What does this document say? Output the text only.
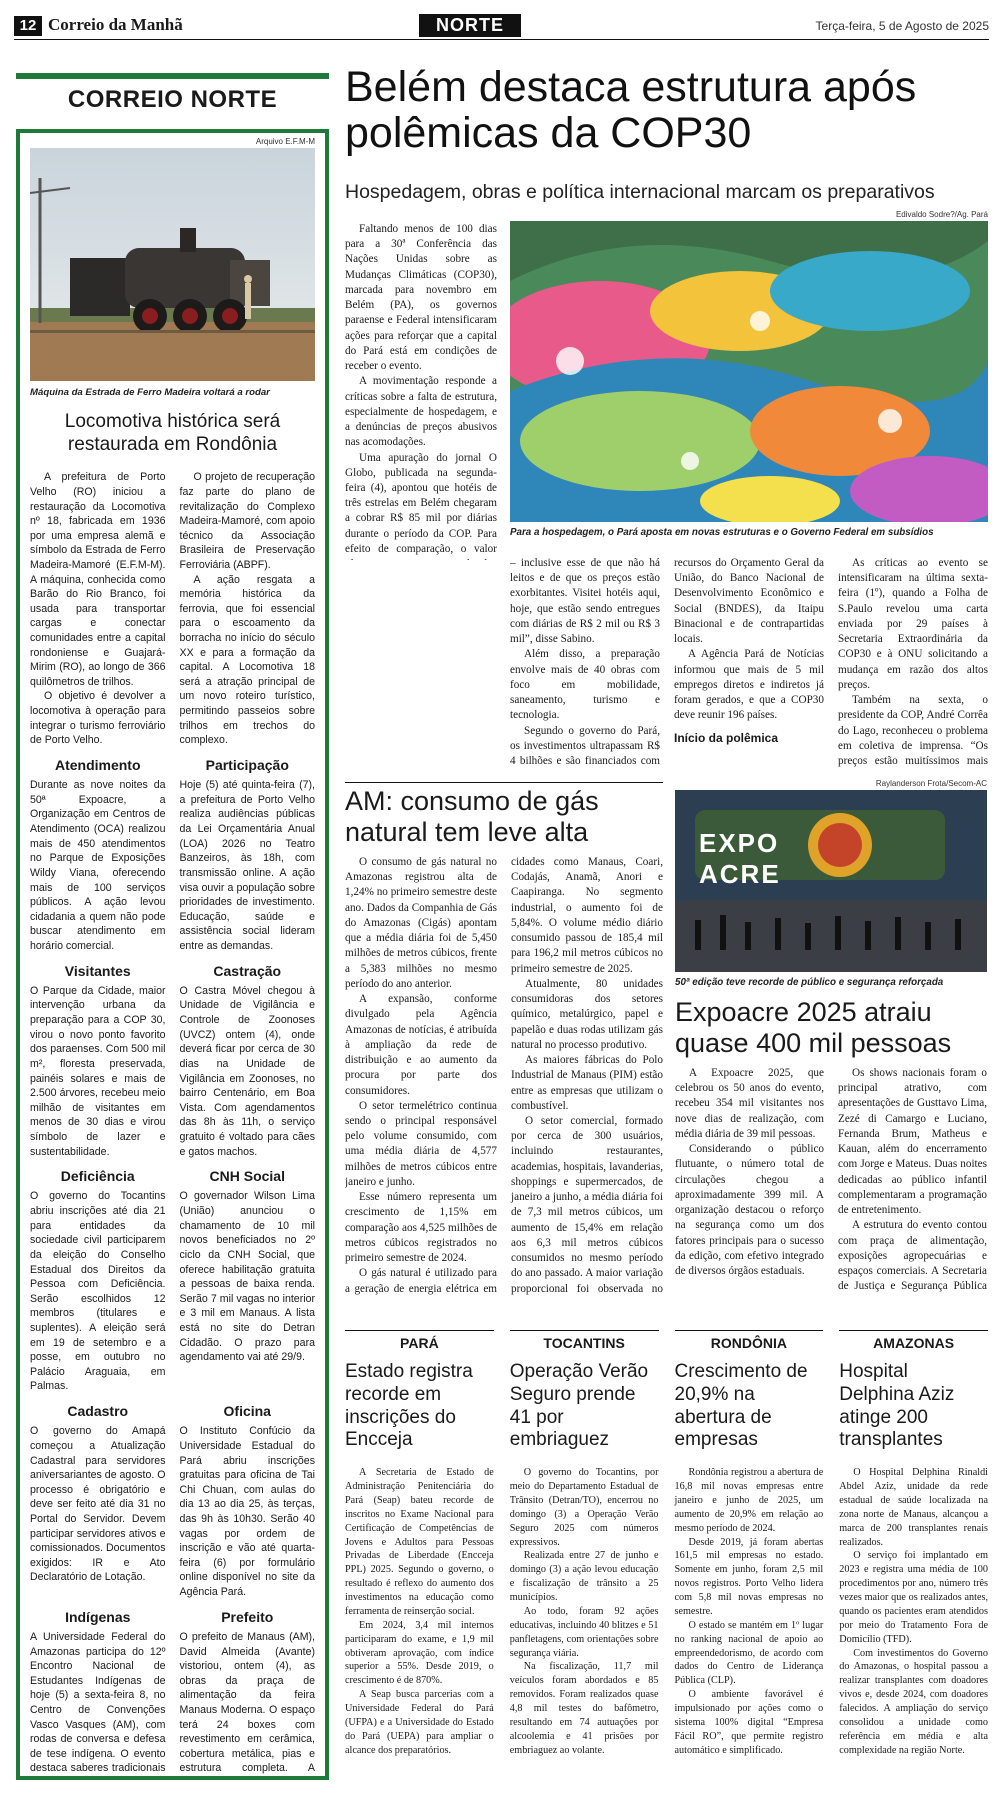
12 Correio da Manhã	NORTE	Terça-feira, 5 de Agosto de 2025
CORREIO NORTE
Arquivo E.F.M-M
Máquina da Estrada de Ferro Madeira voltará a rodar
Locomotiva histórica será restaurada em Rondônia

A prefeitura de Porto Velho (RO) iniciou a restauração da Locomotiva nº 18, fabricada em 1936 por uma empresa alemã e símbolo da Estrada de Ferro Madeira-Mamoré (E.F.M-M). A máquina, conhecida como Barão do Rio Branco, foi usada para transportar cargas e conectar comunidades entre a capital rondoniense e Guajará-Mirim (RO), ao longo de 366 quilômetros de trilhos.

O objetivo é devolver a locomotiva à operação para integrar o turismo ferroviário de Porto Velho.

O projeto de recuperação faz parte do plano de revitalização do Complexo Madeira-Mamoré, com apoio técnico da Associação Brasileira de Preservação Ferroviária (ABPF).

A ação resgata a memória histórica da ferrovia, que foi essencial para o escoamento da borracha no início do século XX e para a formação da capital. A Locomotiva 18 será a atração principal de um novo roteiro turístico, permitindo passeios sobre trilhos em trechos do complexo.

Atendimento
Durante as nove noites da 50ª Expoacre, a Organização em Centros de Atendimento (OCA) realizou mais de 450 atendimentos no Parque de Exposições Wildy Viana, oferecendo mais de 100 serviços públicos. A ação levou cidadania a quem não pode buscar atendimento em horário comercial.
Participação
Hoje (5) até quinta-feira (7), a prefeitura de Porto Velho realiza audiências públicas da Lei Orçamentária Anual (LOA) 2026 no Teatro Banzeiros, às 18h, com transmissão online. A ação visa ouvir a população sobre prioridades de investimento. Educação, saúde e assistência social lideram entre as demandas.
Visitantes
O Parque da Cidade, maior intervenção urbana da preparação para a COP 30, virou o novo ponto favorito dos paraenses. Com 500 mil m², floresta preservada, painéis solares e mais de 2.500 árvores, recebeu meio milhão de visitantes em menos de 30 dias e virou símbolo de lazer e sustentabilidade.
Castração
O Castra Móvel chegou à Unidade de Vigilância e Controle de Zoonoses (UVCZ) ontem (4), onde deverá ficar por cerca de 30 dias na Unidade de Vigilância em Zoonoses, no bairro Centenário, em Boa Vista. Com agendamentos das 8h às 11h, o serviço gratuito é voltado para cães e gatos machos.
Deficiência
O governo do Tocantins abriu inscrições até dia 21 para entidades da sociedade civil participarem da eleição do Conselho Estadual dos Direitos da Pessoa com Deficiência. Serão escolhidos 12 membros (titulares e suplentes). A eleição será em 19 de setembro e a posse, em outubro no Palácio Araguaia, em Palmas.
CNH Social
O governador Wilson Lima (União) anunciou o chamamento de 10 mil novos beneficiados no 2º ciclo da CNH Social, que oferece habilitação gratuita a pessoas de baixa renda. Serão 7 mil vagas no interior e 3 mil em Manaus. A lista está no site do Detran Cidadão. O prazo para agendamento vai até 29/9.
Cadastro
O governo do Amapá começou a Atualização Cadastral para servidores aniversariantes de agosto. O processo é obrigatório e deve ser feito até dia 31 no Portal do Servidor. Devem participar servidores ativos e comissionados. Documentos exigidos: IR e Ato Declaratório de Lotação.
Oficina
O Instituto Confúcio da Universidade Estadual do Pará abriu inscrições gratuitas para oficina de Tai Chi Chuan, com aulas do dia 13 ao dia 25, às terças, das 9h às 10h30. Serão 40 vagas por ordem de inscrição e vão até quarta-feira (6) por formulário online disponível no site da Agência Pará.
Indígenas
A Universidade Federal do Amazonas participa do 12º Encontro Nacional de Estudantes Indígenas de hoje (5) a sexta-feira 8, no Centro de Convenções Vasco Vasques (AM), com rodas de conversa e defesa de tese indígena. O evento destaca saberes tradicionais
Prefeito
O prefeito de Manaus (AM), David Almeida (Avante) vistoriou, ontem (4), as obras da praça de alimentação da feira Manaus Moderna. O espaço terá 24 boxes com revestimento em cerâmica, cobertura metálica, pias e estrutura completa. A
Belém destaca estrutura após polêmicas da COP30
Hospedagem, obras e política internacional marcam os preparativos
Edivaldo Sodre?/Ag. Pará
Para a hospedagem, o Pará aposta em novas estruturas e o Governo Federal em subsídios

Faltando menos de 100 dias para a 30ª Conferência das Nações Unidas sobre as Mudanças Climáticas (COP30), marcada para novembro em Belém (PA), os governos paraense e Federal intensificaram ações para reforçar que a capital do Pará está em condições de receber o evento.

A movimentação responde a críticas sobre a falta de estrutura, especialmente de hospedagem, e a denúncias de preços abusivos nas acomodações.

Uma apuração do jornal O Globo, publicada na segunda-feira (4), apontou que hotéis de três estrelas em Belém chegaram a cobrar R$ 85 mil por diárias durante o período da COP. Para efeito de comparação, o valor

– inclusive esse de que não há leitos e de que os preços estão exorbitantes. Visitei hotéis aqui, hoje, que estão sendo entregues com diárias de R$ 2 mil ou R$ 3 mil”, disse Sabino.

Além disso, a preparação envolve mais de 40 obras com foco em mobilidade, saneamento, turismo e tecnologia.

Segundo o governo do Pará, os investimentos ultrapassam R$ 4 bilhões e são financiados com recursos do Orçamento Geral da União, do Banco Nacional de Desenvolvimento Econômico e Social (BNDES), da Itaipu Binacional e de contrapartidas locais.

A Agência Pará de Notícias informou que mais de 5 mil empregos diretos e indiretos já foram gerados, e que a COP30 deve reunir 196 países.

Início da polêmica

As críticas ao evento se intensificaram na última sexta-feira (1º), quando a Folha de S.Paulo revelou uma carta enviada por 29 países à Secretaria Extraordinária da COP30 e à ONU solicitando a mudança em razão dos altos preços.

Também na sexta, o presidente da COP, André Corrêa do Lago, reconheceu o problema em coletiva de imprensa. “Os preços estão muitíssimos mais

AM: consumo de gás natural tem leve alta

O consumo de gás natural no Amazonas registrou alta de 1,24% no primeiro semestre deste ano. Dados da Companhia de Gás do Amazonas (Cigás) apontam que a média diária foi de 5,450 milhões de metros cúbicos, frente a 5,383 milhões no mesmo período do ano anterior.

A expansão, conforme divulgado pela Agência Amazonas de notícias, é atribuída à ampliação da rede de distribuição e ao aumento da procura por parte dos consumidores.

O setor termelétrico continua sendo o principal responsável pelo volume consumido, com uma média diária de 4,577 milhões de metros cúbicos entre janeiro e junho.

Esse número representa um crescimento de 1,15% em comparação aos 4,525 milhões de metros cúbicos registrados no primeiro semestre de 2024.

O gás natural é utilizado para a geração de energia elétrica em cidades como Manaus, Coari, Codajás, Anamã, Anori e Caapiranga. No segmento industrial, o aumento foi de 5,84%. O volume médio diário consumido passou de 185,4 mil para 196,2 mil metros cúbicos no primeiro semestre de 2025.

Atualmente, 80 unidades consumidoras dos setores químico, metalúrgico, papel e papelão e duas rodas utilizam gás natural no processo produtivo.

As maiores fábricas do Polo Industrial de Manaus (PIM) estão entre as empresas que utilizam o combustível.

O setor comercial, formado por cerca de 300 usuários, incluindo restaurantes, academias, hospitais, lavanderias, shoppings e supermercados, de janeiro a junho, a média diária foi de 7,3 mil metros cúbicos, um aumento de 15,4% em relação aos 6,3 mil metros cúbicos consumidos no mesmo período do ano passado. A maior variação proporcional foi observada no

Raylanderson Frota/Secom-AC
EXPO ACRE
50ª edição teve recorde de público e segurança reforçada
Expoacre 2025 atraiu quase 400 mil pessoas

A Expoacre 2025, que celebrou os 50 anos do evento, recebeu 354 mil visitantes nos nove dias de realização, com média diária de 39 mil pessoas.

Considerando o público flutuante, o número total de circulações chegou a aproximadamente 399 mil. A organização destacou o reforço na segurança como um dos fatores principais para o sucesso da edição, com efetivo integrado de diversos órgãos estaduais.

Os shows nacionais foram o principal atrativo, com apresentações de Gusttavo Lima, Zezé di Camargo e Luciano, Fernanda Brum, Matheus e Kauan, além do encerramento com Jorge e Mateus. Duas noites dedicadas ao público infantil complementaram a programação de entretenimento.

A estrutura do evento contou com praça de alimentação, exposições agropecuárias e espaços comerciais. A Secretaria de Justiça e Segurança Pública

PARÁ
Estado registra recorde em inscrições do Encceja

A Secretaria de Estado de Administração Penitenciária do Pará (Seap) bateu recorde de inscritos no Exame Nacional para Certificação de Competências de Jovens e Adultos para Pessoas Privadas de Liberdade (Encceja PPL) 2025. Segundo o governo, o resultado é reflexo do aumento dos investimentos na educação como ferramenta de reinserção social.

Em 2024, 3,4 mil internos participaram do exame, e 1,9 mil obtiveram aprovação, com índice superior a 55%. Desde 2019, o crescimento é de 870%.

A Seap busca parcerias com a Universidade Federal do Pará (UFPA) e a Universidade do Estado do Pará (UEPA) para ampliar o alcance dos preparatórios.

TOCANTINS
Operação Verão Seguro prende 41 por embriaguez

O governo do Tocantins, por meio do Departamento Estadual de Trânsito (Detran/TO), encerrou no domingo (3) a Operação Verão Seguro 2025 com números expressivos.

Realizada entre 27 de junho e domingo (3) a ação levou educação e fiscalização de trânsito a 25 municípios.

Ao todo, foram 92 ações educativas, incluindo 40 blitzes e 51 panfletagens, com orientações sobre segurança viária.

Na fiscalização, 11,7 mil veículos foram abordados e 85 removidos. Foram realizados quase 4,8 mil testes do bafômetro, resultando em 74 autuações por alcoolemia e 41 prisões por embriaguez ao volante.

RONDÔNIA
Crescimento de 20,9% na abertura de empresas

Rondônia registrou a abertura de 16,8 mil novas empresas entre janeiro e junho de 2025, um aumento de 20,9% em relação ao mesmo período de 2024.

Desde 2019, já foram abertas 161,5 mil empresas no estado. Somente em junho, foram 2,5 mil novos registros. Porto Velho lidera com 5,8 mil novas empresas no semestre.

O estado se mantém em 1º lugar no ranking nacional de apoio ao empreendedorismo, de acordo com dados do Centro de Liderança Pública (CLP).

O ambiente favorável é impulsionado por ações como o sistema 100% digital “Empresa Fácil RO”, que permite registro automático e simplificado.

AMAZONAS
Hospital Delphina Aziz atinge 200 transplantes

O Hospital Delphina Rinaldi Abdel Aziz, unidade da rede estadual de saúde localizada na zona norte de Manaus, alcançou a marca de 200 transplantes renais realizados.

O serviço foi implantado em 2023 e registra uma média de 100 procedimentos por ano, número três vezes maior que os realizados antes, quando os pacientes eram atendidos por meio do Tratamento Fora de Domicílio (TFD).

Com investimentos do Governo do Amazonas, o hospital passou a realizar transplantes com doadores vivos e, desde 2024, com doadores falecidos. A ampliação do serviço consolidou a unidade como referência em média e alta complexidade na região Norte.
